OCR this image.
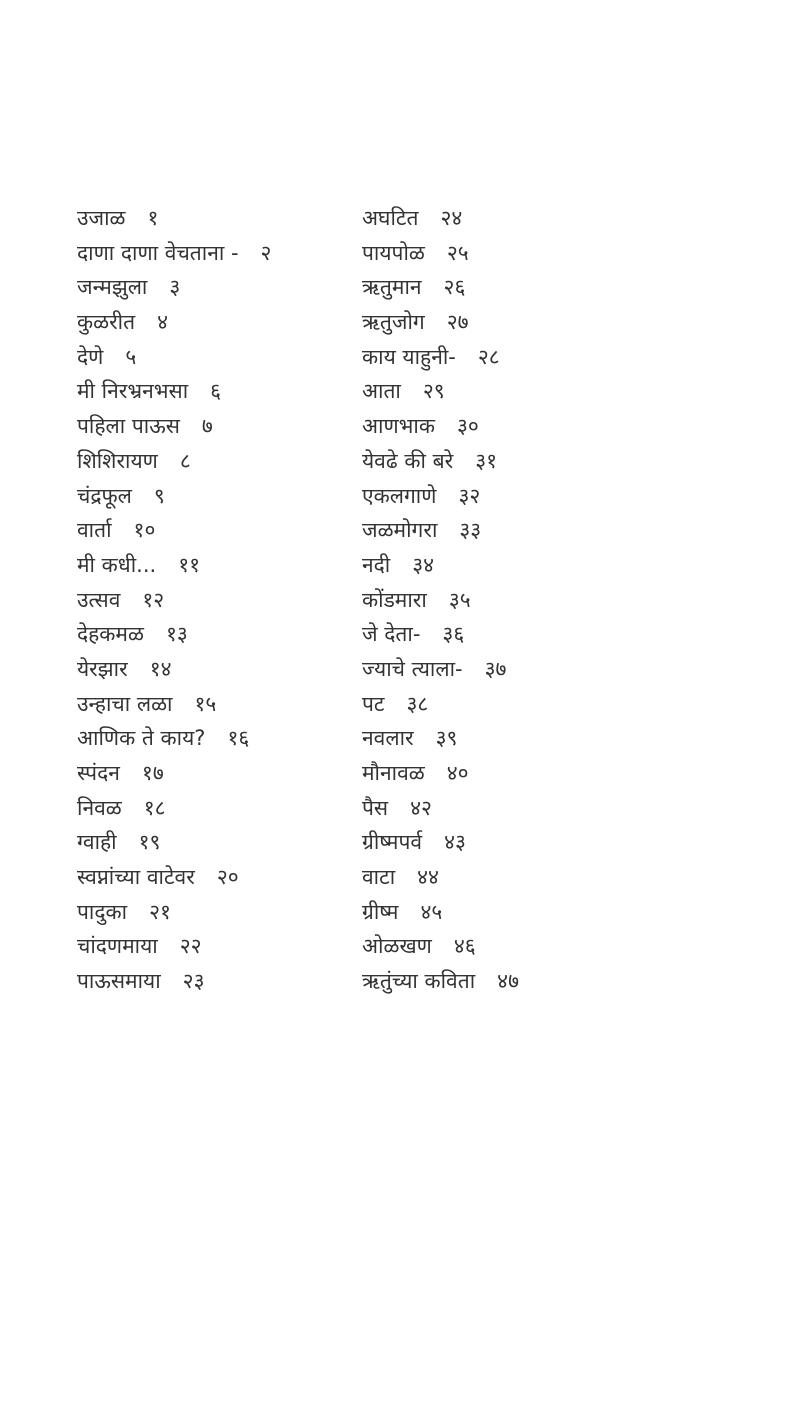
उजाळ १
दाणा दाणा वेचताना - २
जन्मझुला ३
कुळरीत ४
देणे ५
मी निरभ्रनभसा ६
पहिला पाऊस ७
शिशिरायण ८
चंद्रफूल ९
वार्ता १०
मी कधी... ११
उत्सव १२
देहकमळ १३
येरझार १४
उन्हाचा लळा १५
आणिक ते काय? १६
स्पंदन १७
निवळ १८
ग्वाही १९
स्वप्नांच्या वाटेवर २०
पादुका २१
चांदणमाया २२
पाऊसमाया २३
अघटित २४
पायपोळ २५
ऋतुमान २६
ऋतुजोग २७
काय याहुनी- २८
आता २९
आणभाक ३०
येवढे की बरे ३१
एकलगाणे ३२
जळमोगरा ३३
नदी ३४
कोंडमारा ३५
जे देता- ३६
ज्याचे त्याला- ३७
पट ३८
नवलार ३९
मौनावळ ४०
पैस ४२
ग्रीष्मपर्व ४३
वाटा ४४
ग्रीष्म ४५
ओळखण ४६
ऋतुंच्या कविता ४७
